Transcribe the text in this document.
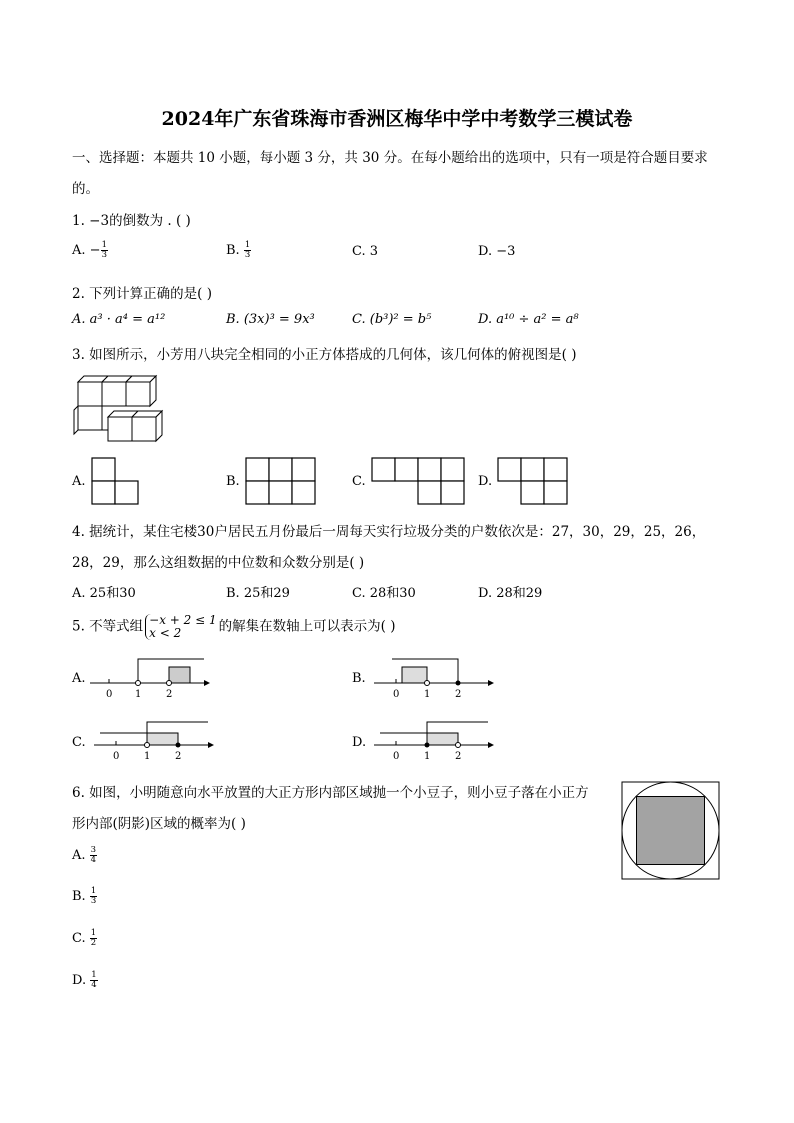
2024年广东省珠海市香洲区梅华中学中考数学三模试卷
一、选择题：本题共 10 小题，每小题 3 分，共 30 分。在每小题给出的选项中，只有一项是符合题目要求
的。
1. −3的倒数为 . ( )
A. − $\frac{1}{3}$	B. $\frac{1}{3}$	C. 3	D. −3
2. 下列计算正确的是( )
A. a³ · a⁴ = a¹²	B. (3x)³ = 9x³	C. (b³)² = b⁵	D. a¹⁰ ÷ a² = a⁸
3. 如图所示，小芳用八块完全相同的小正方体搭成的几何体，该几何体的俯视图是( )
A.	B.	C.	D.
4. 据统计，某住宅楼30户居民五月份最后一周每天实行垃圾分类的户数依次是：27，30，29，25，26，
28，29，那么这组数据的中位数和众数分别是( )
A. 25和30	B. 25和29	C. 28和30	D. 28和29
5. 不等式组 −x + 2 ≤ 1
x < 2	的解集在数轴上可以表示为( )
A.
0 1 2
B.
0 1 2
C.
0 1 2
D.
0 1 2
6. 如图，小明随意向水平放置的大正方形内部区域抛一个小豆子，则小豆子落在小正方
形内部(阴影)区域的概率为( )
A. $\frac{3}{4}$
B. $\frac{1}{3}$
C. $\frac{1}{2}$
D. $\frac{1}{4}$
